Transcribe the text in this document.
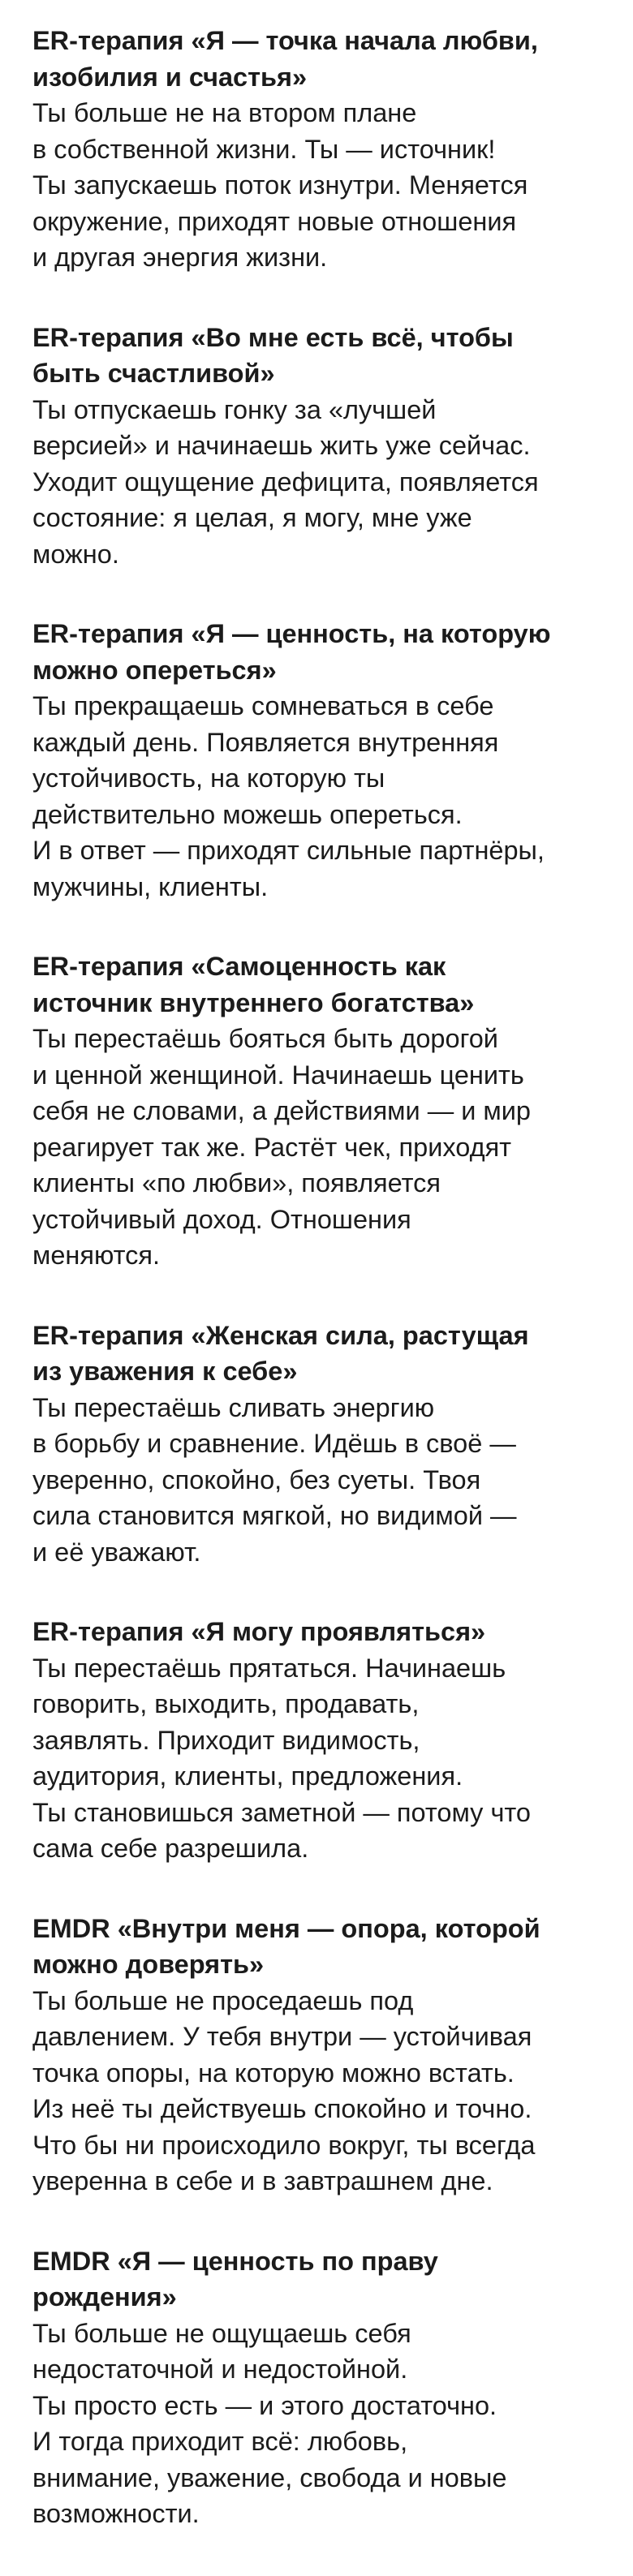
ER-терапия «Я — точка начала любви,
изобилия и счастья»
Ты больше не на втором плане
в собственной жизни. Ты — источник!
Ты запускаешь поток изнутри. Меняется
окружение, приходят новые отношения
и другая энергия жизни.
ER-терапия «Во мне есть всё, чтобы
быть счастливой»
Ты отпускаешь гонку за «лучшей
версией» и начинаешь жить уже сейчас.
Уходит ощущение дефицита, появляется
состояние: я целая, я могу, мне уже
можно.
ER-терапия «Я — ценность, на которую
можно опереться»
Ты прекращаешь сомневаться в себе
каждый день. Появляется внутренняя
устойчивость, на которую ты
действительно можешь опереться.
И в ответ — приходят сильные партнёры,
мужчины, клиенты.
ER-терапия «Самоценность как
источник внутреннего богатства»
Ты перестаёшь бояться быть дорогой
и ценной женщиной. Начинаешь ценить
себя не словами, а действиями — и мир
реагирует так же. Растёт чек, приходят
клиенты «по любви», появляется
устойчивый доход. Отношения
меняются.
ER-терапия «Женская сила, растущая
из уважения к себе»
Ты перестаёшь сливать энергию
в борьбу и сравнение. Идёшь в своё —
уверенно, спокойно, без суеты. Твоя
сила становится мягкой, но видимой —
и её уважают.
ER-терапия «Я могу проявляться»
Ты перестаёшь прятаться. Начинаешь
говорить, выходить, продавать,
заявлять. Приходит видимость,
аудитория, клиенты, предложения.
Ты становишься заметной — потому что
сама себе разрешила.
EMDR «Внутри меня — опора, которой
можно доверять»
Ты больше не проседаешь под
давлением. У тебя внутри — устойчивая
точка опоры, на которую можно встать.
Из неё ты действуешь спокойно и точно.
Что бы ни происходило вокруг, ты всегда
уверенна в себе и в завтрашнем дне.
EMDR «Я — ценность по праву
рождения»
Ты больше не ощущаешь себя
недостаточной и недостойной.
Ты просто есть — и этого достаточно.
И тогда приходит всё: любовь,
внимание, уважение, свобода и новые
возможности.
